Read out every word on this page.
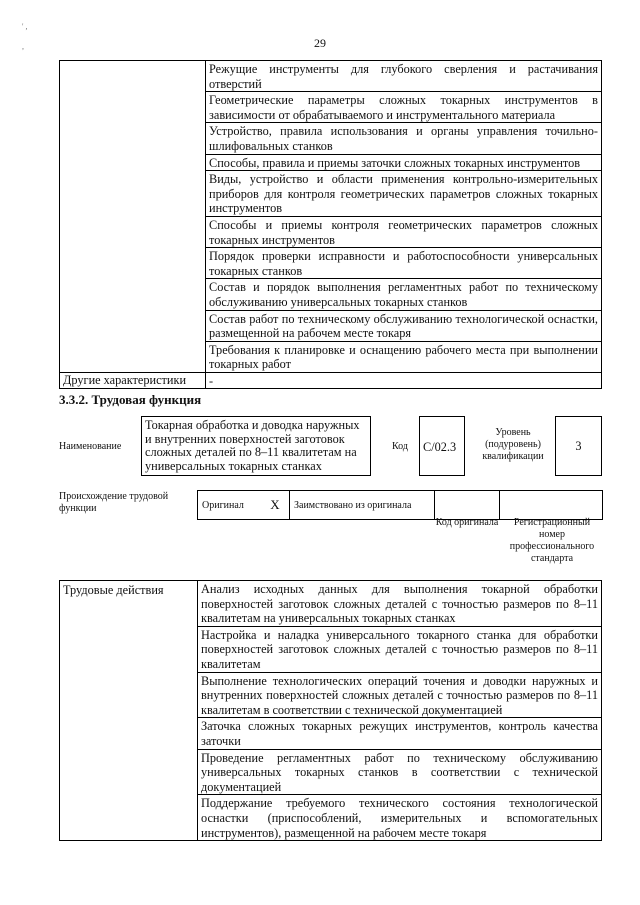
' ,

,	29
	Режущие инструменты для глубокого сверления и растачивания отверстий
	Геометрические параметры сложных токарных инструментов в зависимости от обрабатываемого и инструментального материала
	Устройство, правила использования и органы управления точильно-шлифовальных станков
	Способы, правила и приемы заточки сложных токарных инструментов
	Виды, устройство и области применения контрольно-измерительных приборов для контроля геометрических параметров сложных токарных инструментов
	Способы и приемы контроля геометрических параметров сложных токарных инструментов
	Порядок проверки исправности и работоспособности универсальных токарных станков
	Состав и порядок выполнения регламентных работ по техническому обслуживанию универсальных токарных станков
	Состав работ по техническому обслуживанию технологической оснастки, размещенной на рабочем месте токаря
	Требования к планировке и оснащению рабочего места при выполнении токарных работ
Другие характеристики	-
3.3.2. Трудовая функция
Наименование
Токарная обработка и доводка наружных и внутренних поверхностей заготовок сложных деталей по 8–11 квалитетам на универсальных токарных станках
Код	C/02.3
Уровень (подуровень) квалификации
3
Происхождение трудовой функции	Оригинал	X	Заимствовано из оригинала		
Код оригинала	Регистрационный номер профессионального стандарта
Трудовые действия	Анализ исходных данных для выполнения токарной обработки поверхностей заготовок сложных деталей с точностью размеров по 8–11 квалитетам на универсальных токарных станках
Настройка и наладка универсального токарного станка для обработки поверхностей заготовок сложных деталей с точностью размеров по 8–11 квалитетам
Выполнение технологических операций точения и доводки наружных и внутренних поверхностей сложных деталей с точностью размеров по 8–11 квалитетам в соответствии с технической документацией
Заточка сложных токарных режущих инструментов, контроль качества заточки
Проведение регламентных работ по техническому обслуживанию универсальных токарных станков в соответствии с технической документацией
Поддержание требуемого технического состояния технологической оснастки (приспособлений, измерительных и вспомогательных инструментов), размещенной на рабочем месте токаря
